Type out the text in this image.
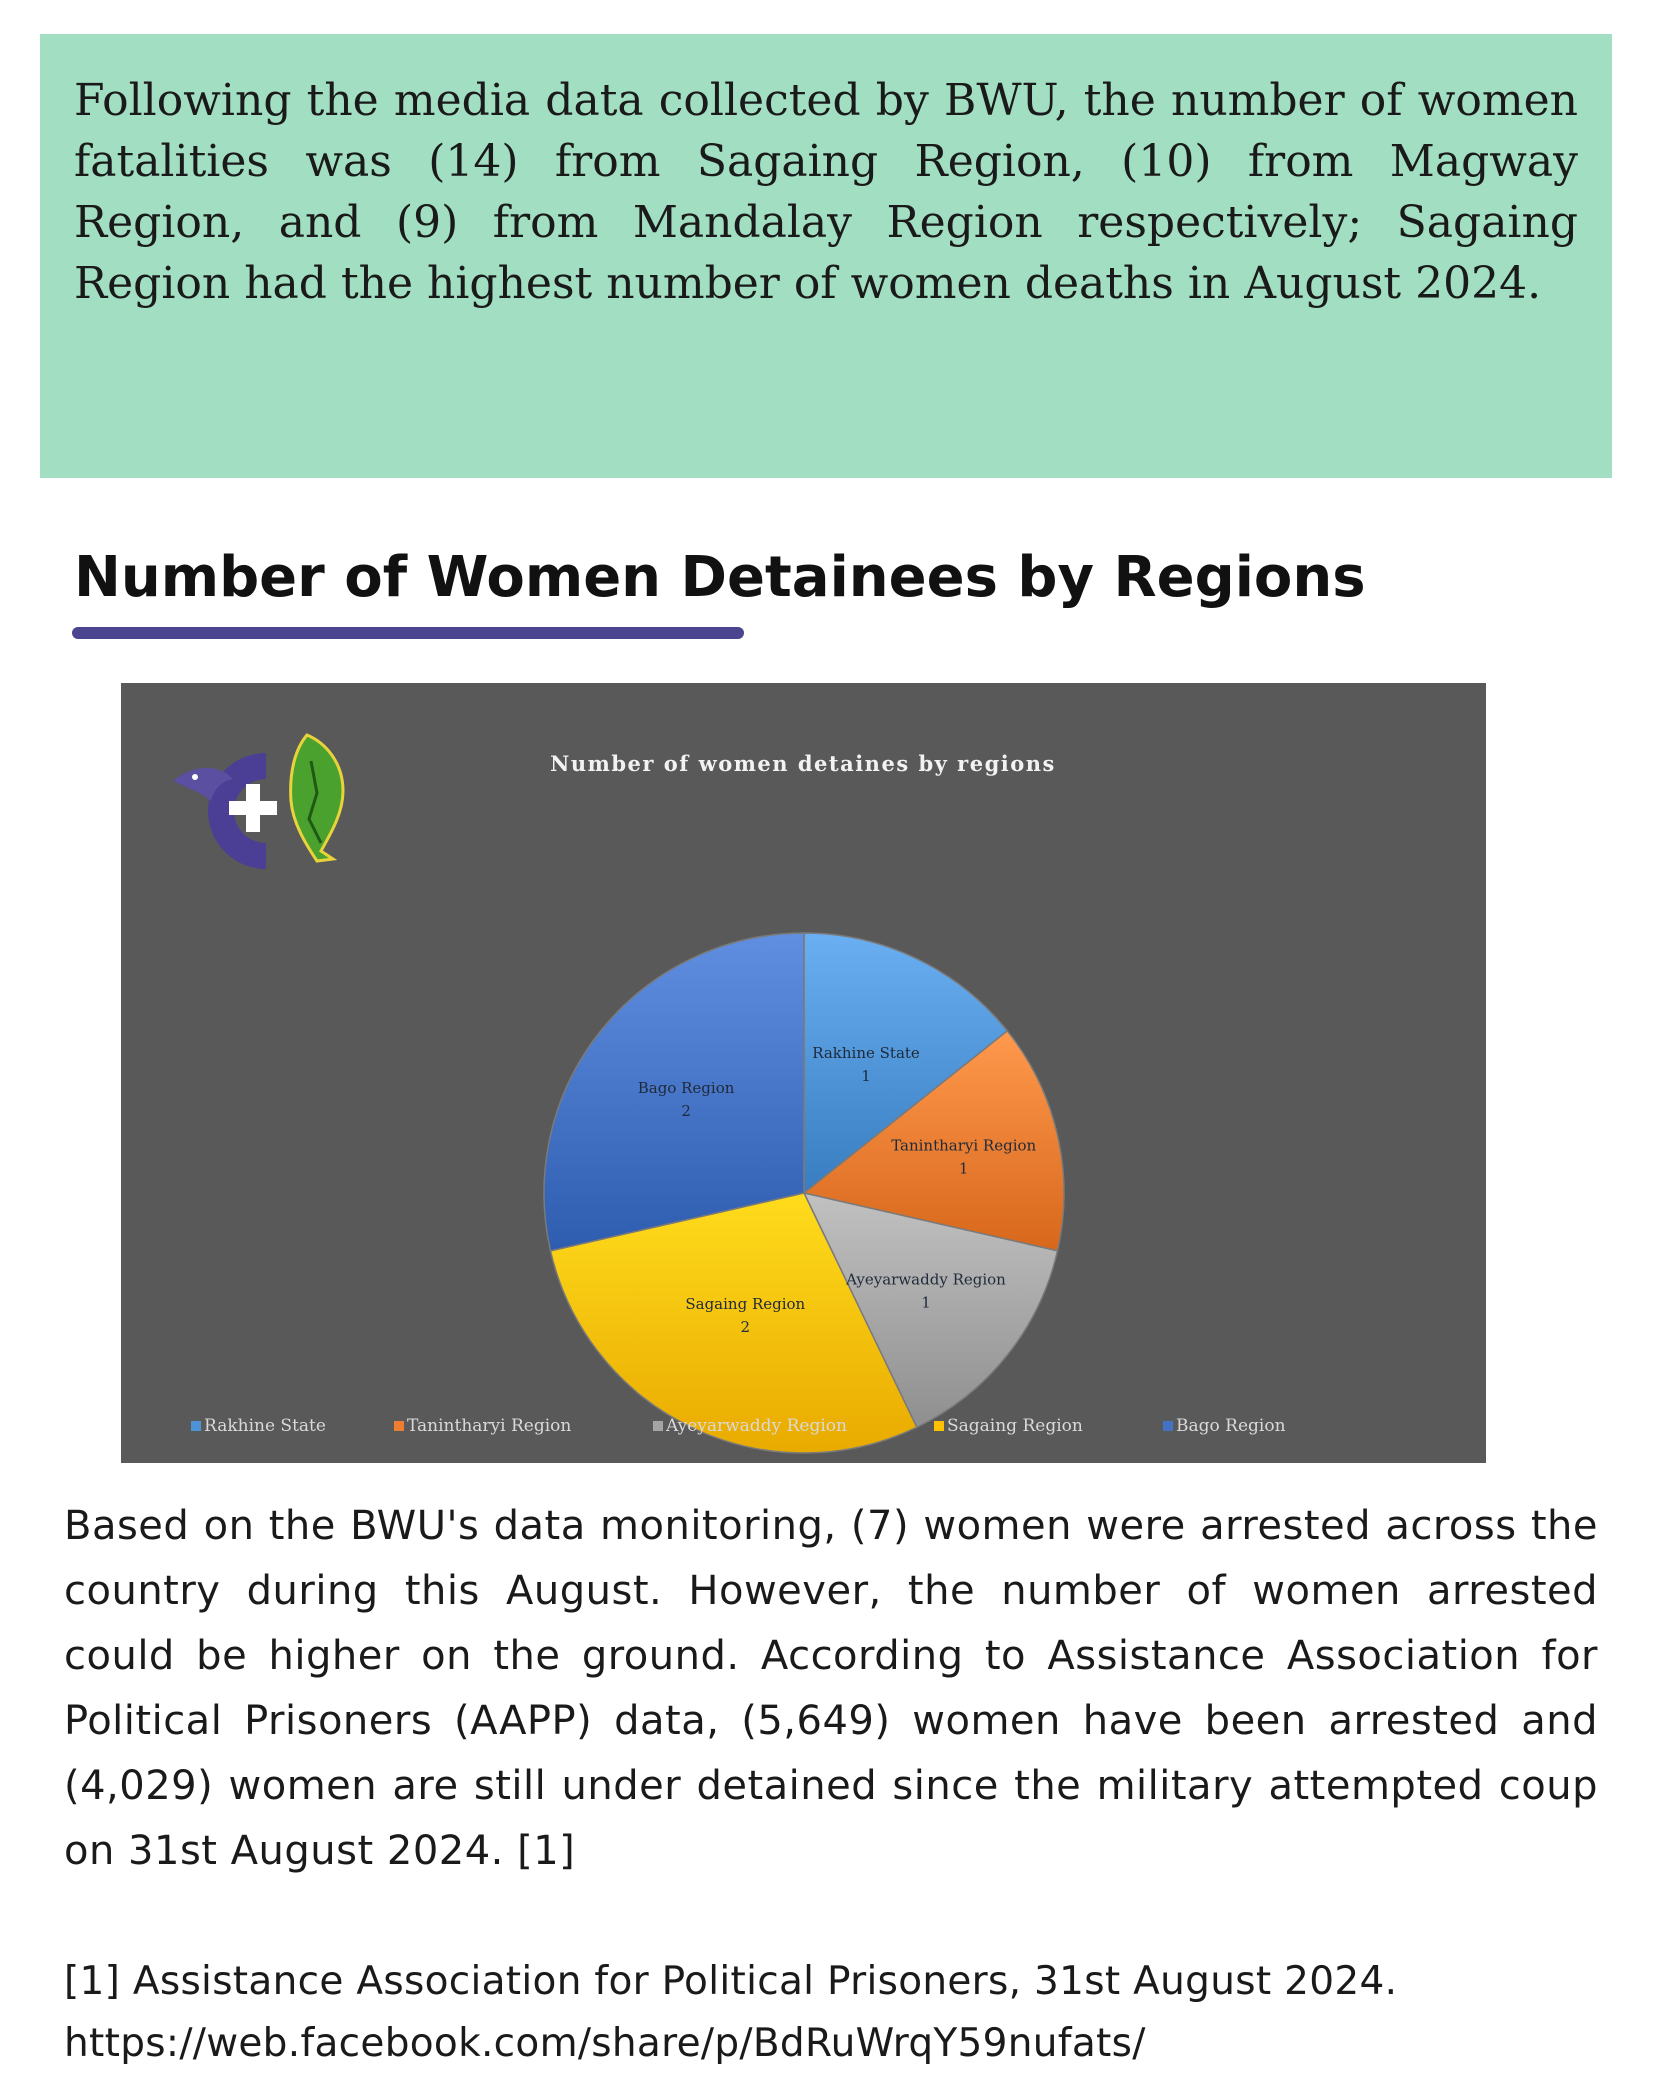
Following the media data collected by BWU, the number of women fatalities was (14) from Sagaing Region, (10) from Magway Region, and (9) from Mandalay Region respectively; Sagaing Region had the highest number of women deaths in August 2024.

Number of Women Detainees by Regions
Number of women detaines by regions
Rakhine State
1
Tanintharyi Region
1
Ayeyarwaddy Region
1
Sagaing Region
2
Bago Region
2
Rakhine State	Tanintharyi Region	Ayeyarwaddy Region	Sagaing Region	Bago Region

Based on the BWU's data monitoring, (7) women were arrested across the country during this August. However, the number of women arrested could be higher on the ground. According to Assistance Association for Political Prisoners (AAPP) data, (5,649) women have been arrested and (4,029) women are still under detained since the military attempted coup on 31st August 2024. [1]

[1] Assistance Association for Political Prisoners, 31st August 2024.
https://web.facebook.com/share/p/BdRuWrqY59nufats/
